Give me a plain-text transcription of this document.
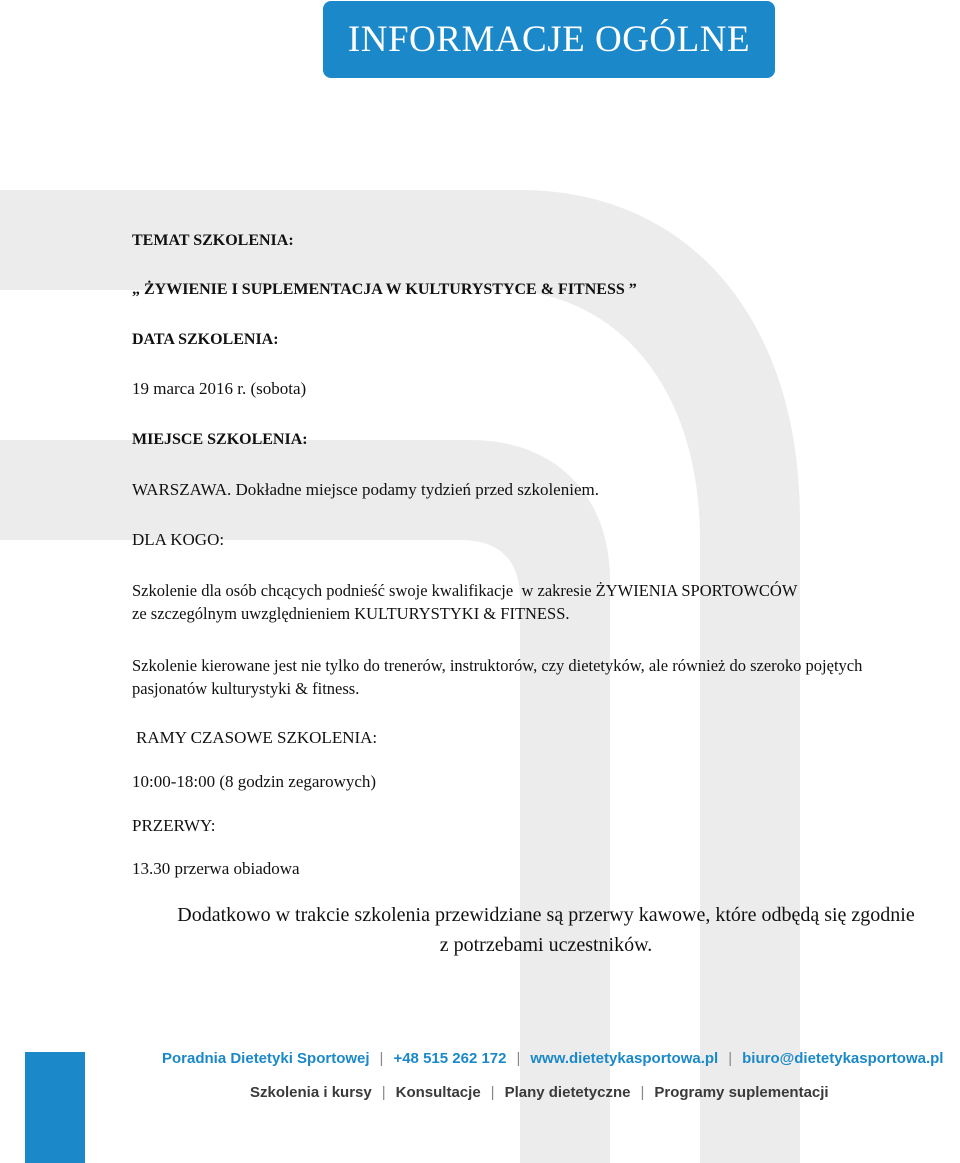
INFORMACJE OGÓLNE
TEMAT SZKOLENIA:
„ ŻYWIENIE I SUPLEMENTACJA W KULTURYSTYCE & FITNESS ”
DATA SZKOLENIA:
19 marca 2016 r. (sobota)
MIEJSCE SZKOLENIA:
WARSZAWA. Dokładne miejsce podamy tydzień przed szkoleniem.
DLA KOGO:
Szkolenie dla osób chcących podnieść swoje kwalifikacje  w zakresie ŻYWIENIA SPORTOWCÓW
ze szczególnym uwzględnieniem KULTURYSTYKI & FITNESS.
Szkolenie kierowane jest nie tylko do trenerów, instruktorów, czy dietetyków, ale również do szeroko pojętych
pasjonatów kulturystyki & fitness.
RAMY CZASOWE SZKOLENIA:
10:00-18:00 (8 godzin zegarowych)
PRZERWY:
13.30 przerwa obiadowa
Dodatkowo w trakcie szkolenia przewidziane są przerwy kawowe, które odbędą się zgodnie
z potrzebami uczestników.
Poradnia Dietetyki Sportowej | +48 515 262 172 | www.dietetykasportowa.pl | biuro@dietetykasportowa.pl
Szkolenia i kursy | Konsultacje | Plany dietetyczne | Programy suplementacji
